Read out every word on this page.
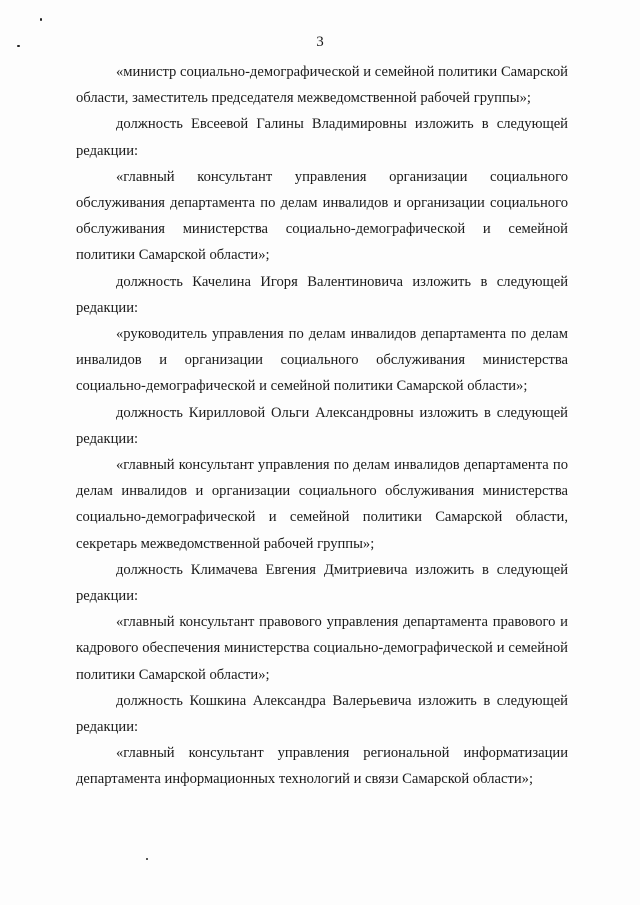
3

«министр социально-демографической и семейной политики Самарской области, заместитель председателя межведомственной рабочей группы»;

должность Евсеевой Галины Владимировны изложить в следующей редакции:

«главный консультант управления организации социального обслуживания департамента по делам инвалидов и организации социального обслуживания министерства социально-демографической и семейной политики Самарской области»;

должность Качелина Игоря Валентиновича изложить в следующей редакции:

«руководитель управления по делам инвалидов департамента по делам инвалидов и организации социального обслуживания министерства социально-демографической и семейной политики Самарской области»;

должность Кирилловой Ольги Александровны изложить в следующей редакции:

«главный консультант управления по делам инвалидов департамента по делам инвалидов и организации социального обслуживания министерства социально-демографической и семейной политики Самарской области, секретарь межведомственной рабочей группы»;

должность Климачева Евгения Дмитриевича изложить в следующей редакции:

«главный консультант правового управления департамента правового и кадрового обеспечения министерства социально-демографической и семейной политики Самарской области»;

должность Кошкина Александра Валерьевича изложить в следующей редакции:

«главный консультант управления региональной информатизации департамента информационных технологий и связи Самарской области»;
